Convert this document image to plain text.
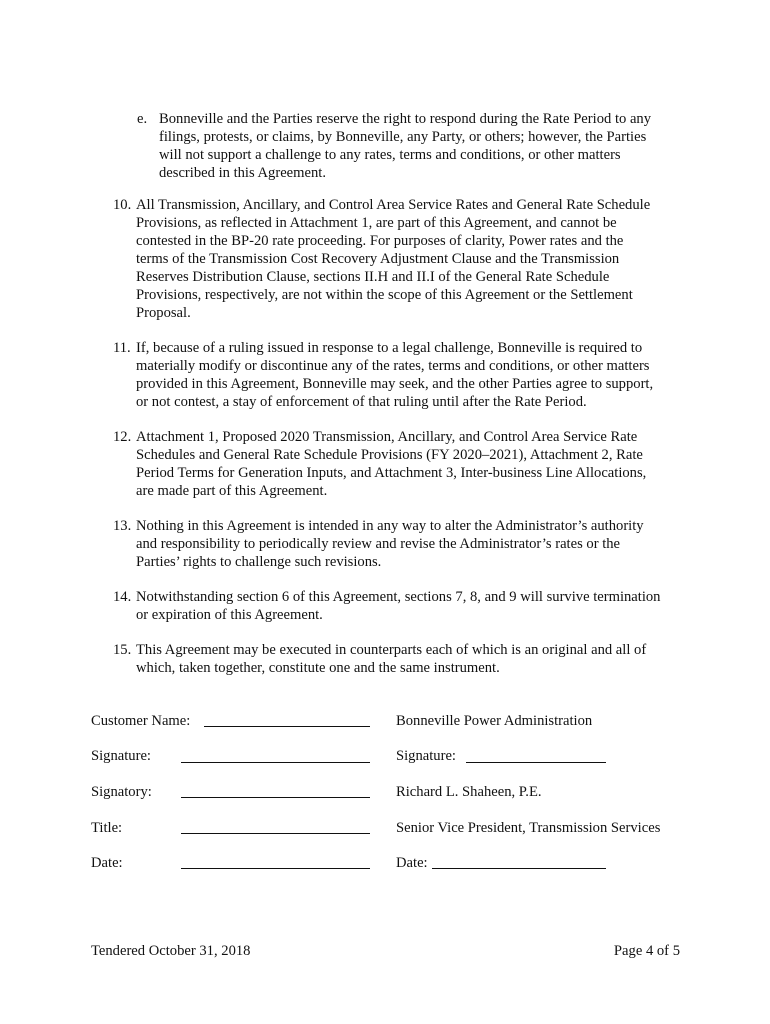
e. Bonneville and the Parties reserve the right to respond during the Rate Period to any
filings, protests, or claims, by Bonneville, any Party, or others; however, the Parties
will not support a challenge to any rates, terms and conditions, or other matters
described in this Agreement.
10. All Transmission, Ancillary, and Control Area Service Rates and General Rate Schedule
Provisions, as reflected in Attachment 1, are part of this Agreement, and cannot be
contested in the BP-20 rate proceeding. For purposes of clarity, Power rates and the
terms of the Transmission Cost Recovery Adjustment Clause and the Transmission
Reserves Distribution Clause, sections II.H and II.I of the General Rate Schedule
Provisions, respectively, are not within the scope of this Agreement or the Settlement
Proposal.
11. If, because of a ruling issued in response to a legal challenge, Bonneville is required to
materially modify or discontinue any of the rates, terms and conditions, or other matters
provided in this Agreement, Bonneville may seek, and the other Parties agree to support,
or not contest, a stay of enforcement of that ruling until after the Rate Period.
12. Attachment 1, Proposed 2020 Transmission, Ancillary, and Control Area Service Rate
Schedules and General Rate Schedule Provisions (FY 2020–2021), Attachment 2, Rate
Period Terms for Generation Inputs, and Attachment 3, Inter-business Line Allocations,
are made part of this Agreement.
13. Nothing in this Agreement is intended in any way to alter the Administrator’s authority
and responsibility to periodically review and revise the Administrator’s rates or the
Parties’ rights to challenge such revisions.
14. Notwithstanding section 6 of this Agreement, sections 7, 8, and 9 will survive termination
or expiration of this Agreement.
15. This Agreement may be executed in counterparts each of which is an original and all of
which, taken together, constitute one and the same instrument.
Customer Name:	Bonneville Power Administration
Signature:	Signature:
Signatory:	Richard L. Shaheen, P.E.
Title:	Senior Vice President, Transmission Services
Date:	Date:
Tendered October 31, 2018	Page 4 of 5
